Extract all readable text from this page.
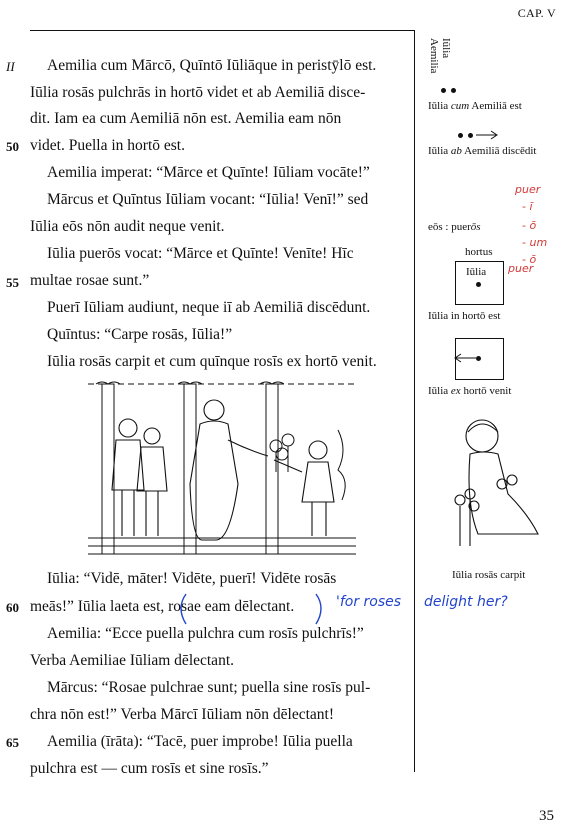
CAP. V
II
50
55
60
65
Aemilia cum Mārcō, Quīntō Iūliāque in peristȳlō est.
Iūlia rosās pulchrās in hortō videt et ab Aemiliā disce-
dit. Iam ea cum Aemiliā nōn est. Aemilia eam nōn
videt. Puella in hortō est.
Aemilia imperat: “Mārce et Quīnte! Iūliam vocāte!”
Mārcus et Quīntus Iūliam vocant: “Iūlia! Venī!” sed
Iūlia eōs nōn audit neque venit.
Iūlia puerōs vocat: “Mārce et Quīnte! Venīte! Hīc
multae rosae sunt.”
Puerī Iūliam audiunt, neque iī ab Aemiliā discēdunt.
Quīntus: “Carpe rosās, Iūlia!”
Iūlia rosās carpit et cum quīnque rosīs ex hortō venit.
Iūlia: “Vidē, māter! Vidēte, puerī! Vidēte rosās
meās!” Iūlia laeta est, rosae eam dēlectant.
Aemilia: “Ecce puella pulchra cum rosīs pulchrīs!”
Verba Aemiliae Iūliam dēlectant.
Mārcus: “Rosae pulchrae sunt; puella sine rosīs pul-
chra nōn est!” Verba Mārcī Iūliam nōn dēlectant!
Aemilia (īrāta): “Tacē, puer improbe! Iūlia puella
pulchra est — cum rosīs et sine rosīs.”
'for roses delight her?
Iūlia
Aemilia
Iūlia cum Aemiliā est
Iūlia ab Aemiliā discēdit
eōs : puerōs
hortus
Iūlia
Iūlia in hortō est
Iūlia ex hortō venit
Iūlia rosās carpit
puer
- ī
- ō
- um
- ō
puer
35
